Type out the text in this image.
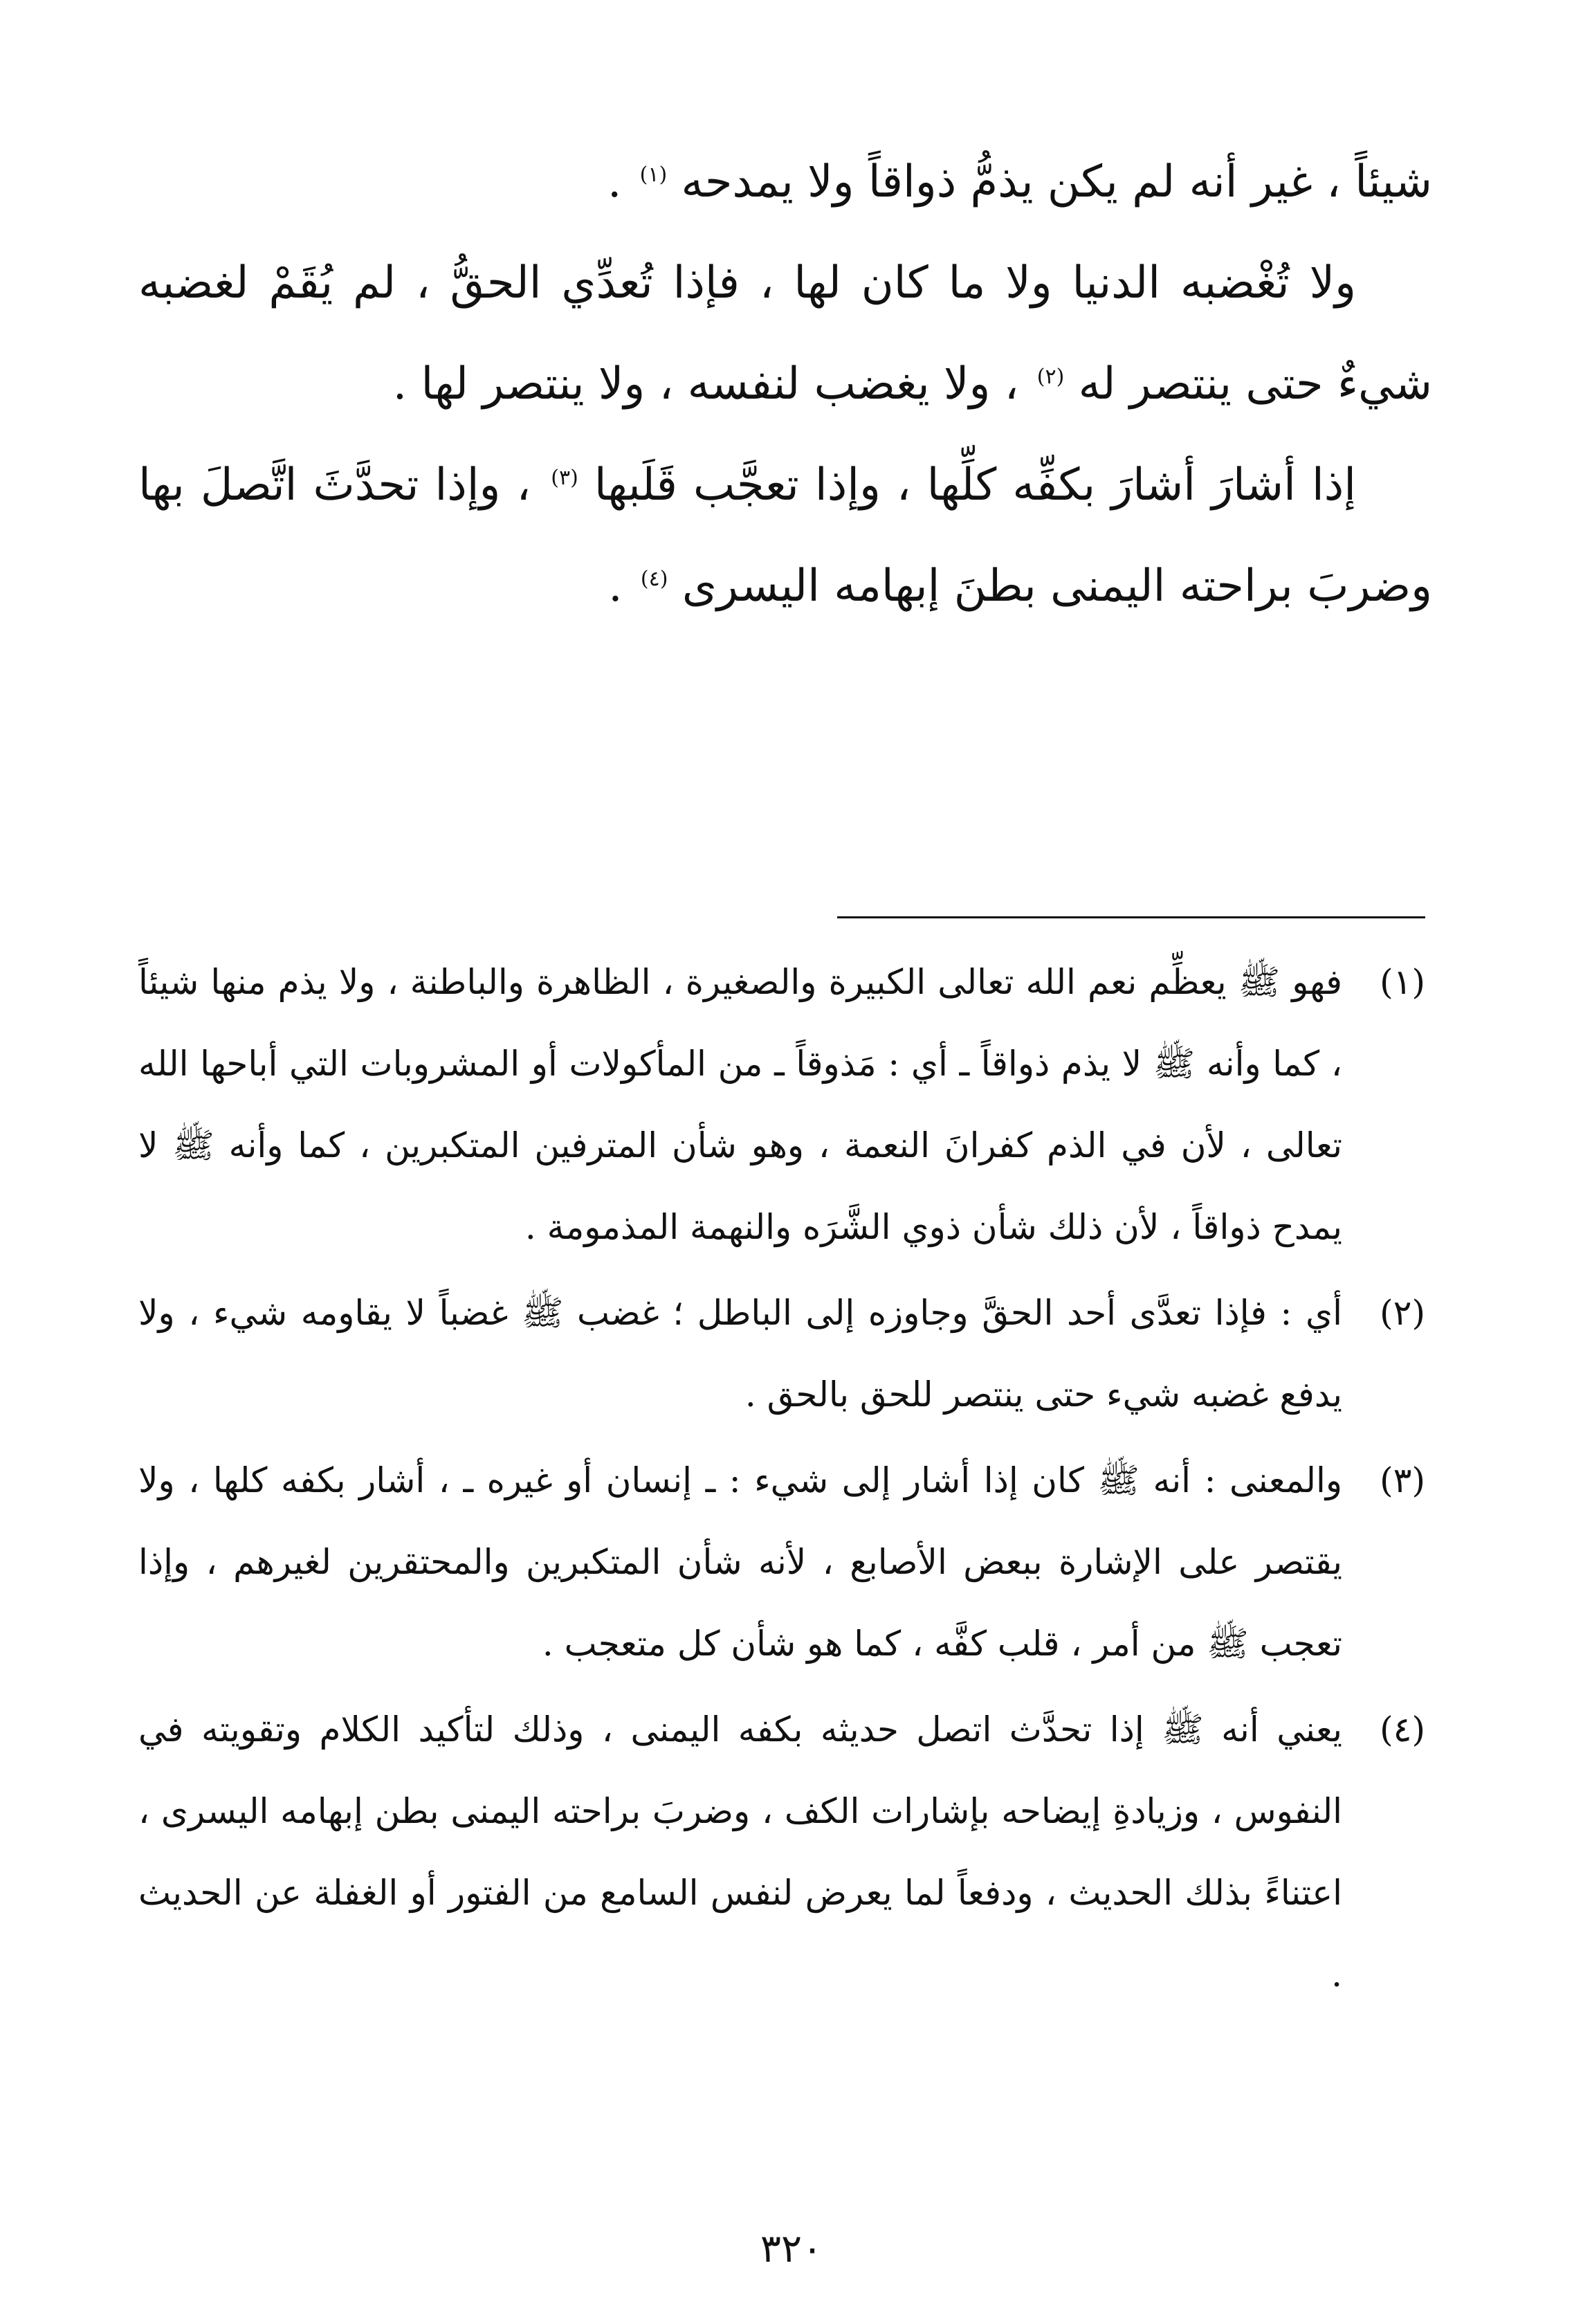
شيئاً ، غير أنه لم يكن يذمُّ ذواقاً ولا يمدحه $^{(١)}$ .

ولا تُغْضبه الدنيا ولا ما كان لها ، فإذا تُعدِّي الحقُّ ، لم يُقَمْ لغضبه شيءٌ حتى ينتصر له $^{(٢)}$ ، ولا يغضب لنفسه ، ولا ينتصر لها .

إذا أشارَ أشارَ بكفِّه كلِّها ، وإذا تعجَّب قَلَبها $^{(٣)}$ ، وإذا تحدَّثَ اتَّصلَ بها وضربَ براحته اليمنى بطنَ إبهامه اليسرى $^{(٤)}$ .

(١)
فهو ﷺ يعظِّم نعم الله تعالى الكبيرة والصغيرة ، الظاهرة والباطنة ، ولا يذم منها شيئاً ، كما وأنه ﷺ لا يذم ذواقاً ـ أي : مَذوقاً ـ من المأكولات أو المشروبات التي أباحها الله تعالى ، لأن في الذم كفرانَ النعمة ، وهو شأن المترفين المتكبرين ، كما وأنه ﷺ لا يمدح ذواقاً ، لأن ذلك شأن ذوي الشَّرَه والنهمة المذمومة .
(٢)
أي : فإذا تعدَّى أحد الحقَّ وجاوزه إلى الباطل ؛ غضب ﷺ غضباً لا يقاومه شيء ، ولا يدفع غضبه شيء حتى ينتصر للحق بالحق .
(٣)
والمعنى : أنه ﷺ كان إذا أشار إلى شيء : ـ إنسان أو غيره ـ ، أشار بكفه كلها ، ولا يقتصر على الإشارة ببعض الأصابع ، لأنه شأن المتكبرين والمحتقرين لغيرهم ، وإذا تعجب ﷺ من أمر ، قلب كفَّه ، كما هو شأن كل متعجب .
(٤)
يعني أنه ﷺ إذا تحدَّث اتصل حديثه بكفه اليمنى ، وذلك لتأكيد الكلام وتقويته في النفوس ، وزيادةِ إيضاحه بإشارات الكف ، وضربَ براحته اليمنى بطن إبهامه اليسرى ، اعتناءً بذلك الحديث ، ودفعاً لما يعرض لنفس السامع من الفتور أو الغفلة عن الحديث .
٣٢٠
